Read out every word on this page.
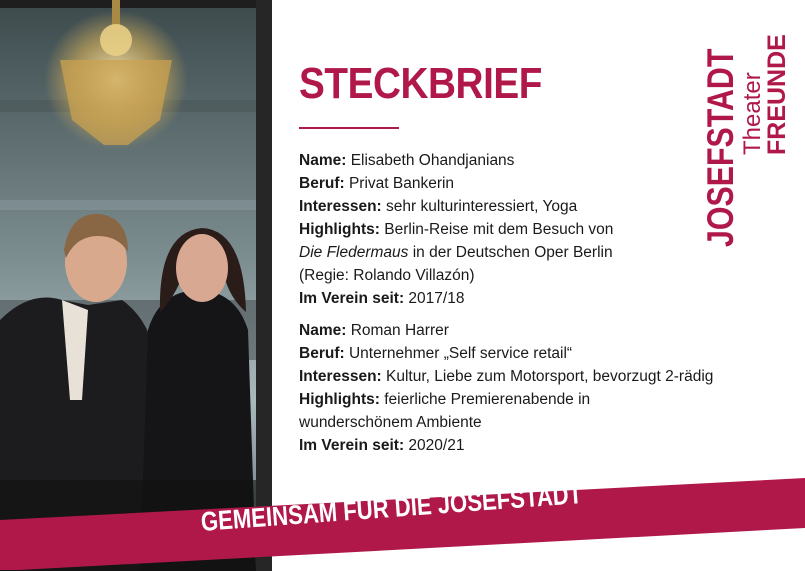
STECKBRIEF
Name: Elisabeth Ohandjanians
Beruf: Privat Bankerin
Interessen: sehr kulturinteressiert, Yoga
Highlights: Berlin-Reise mit dem Besuch von
Die Fledermaus in der Deutschen Oper Berlin
(Regie: Rolando Villazón)
Im Verein seit: 2017/18
Name: Roman Harrer
Beruf: Unternehmer „Self service retail“
Interessen: Kultur, Liebe zum Motorsport, bevorzugt 2-rädig
Highlights: feierliche Premierenabende in
wunderschönem Ambiente
Im Verein seit: 2020/21
JOSEFSTADT
Theater
FREUNDE
GEMEINSAM FÜR DIE JOSEFSTADT
